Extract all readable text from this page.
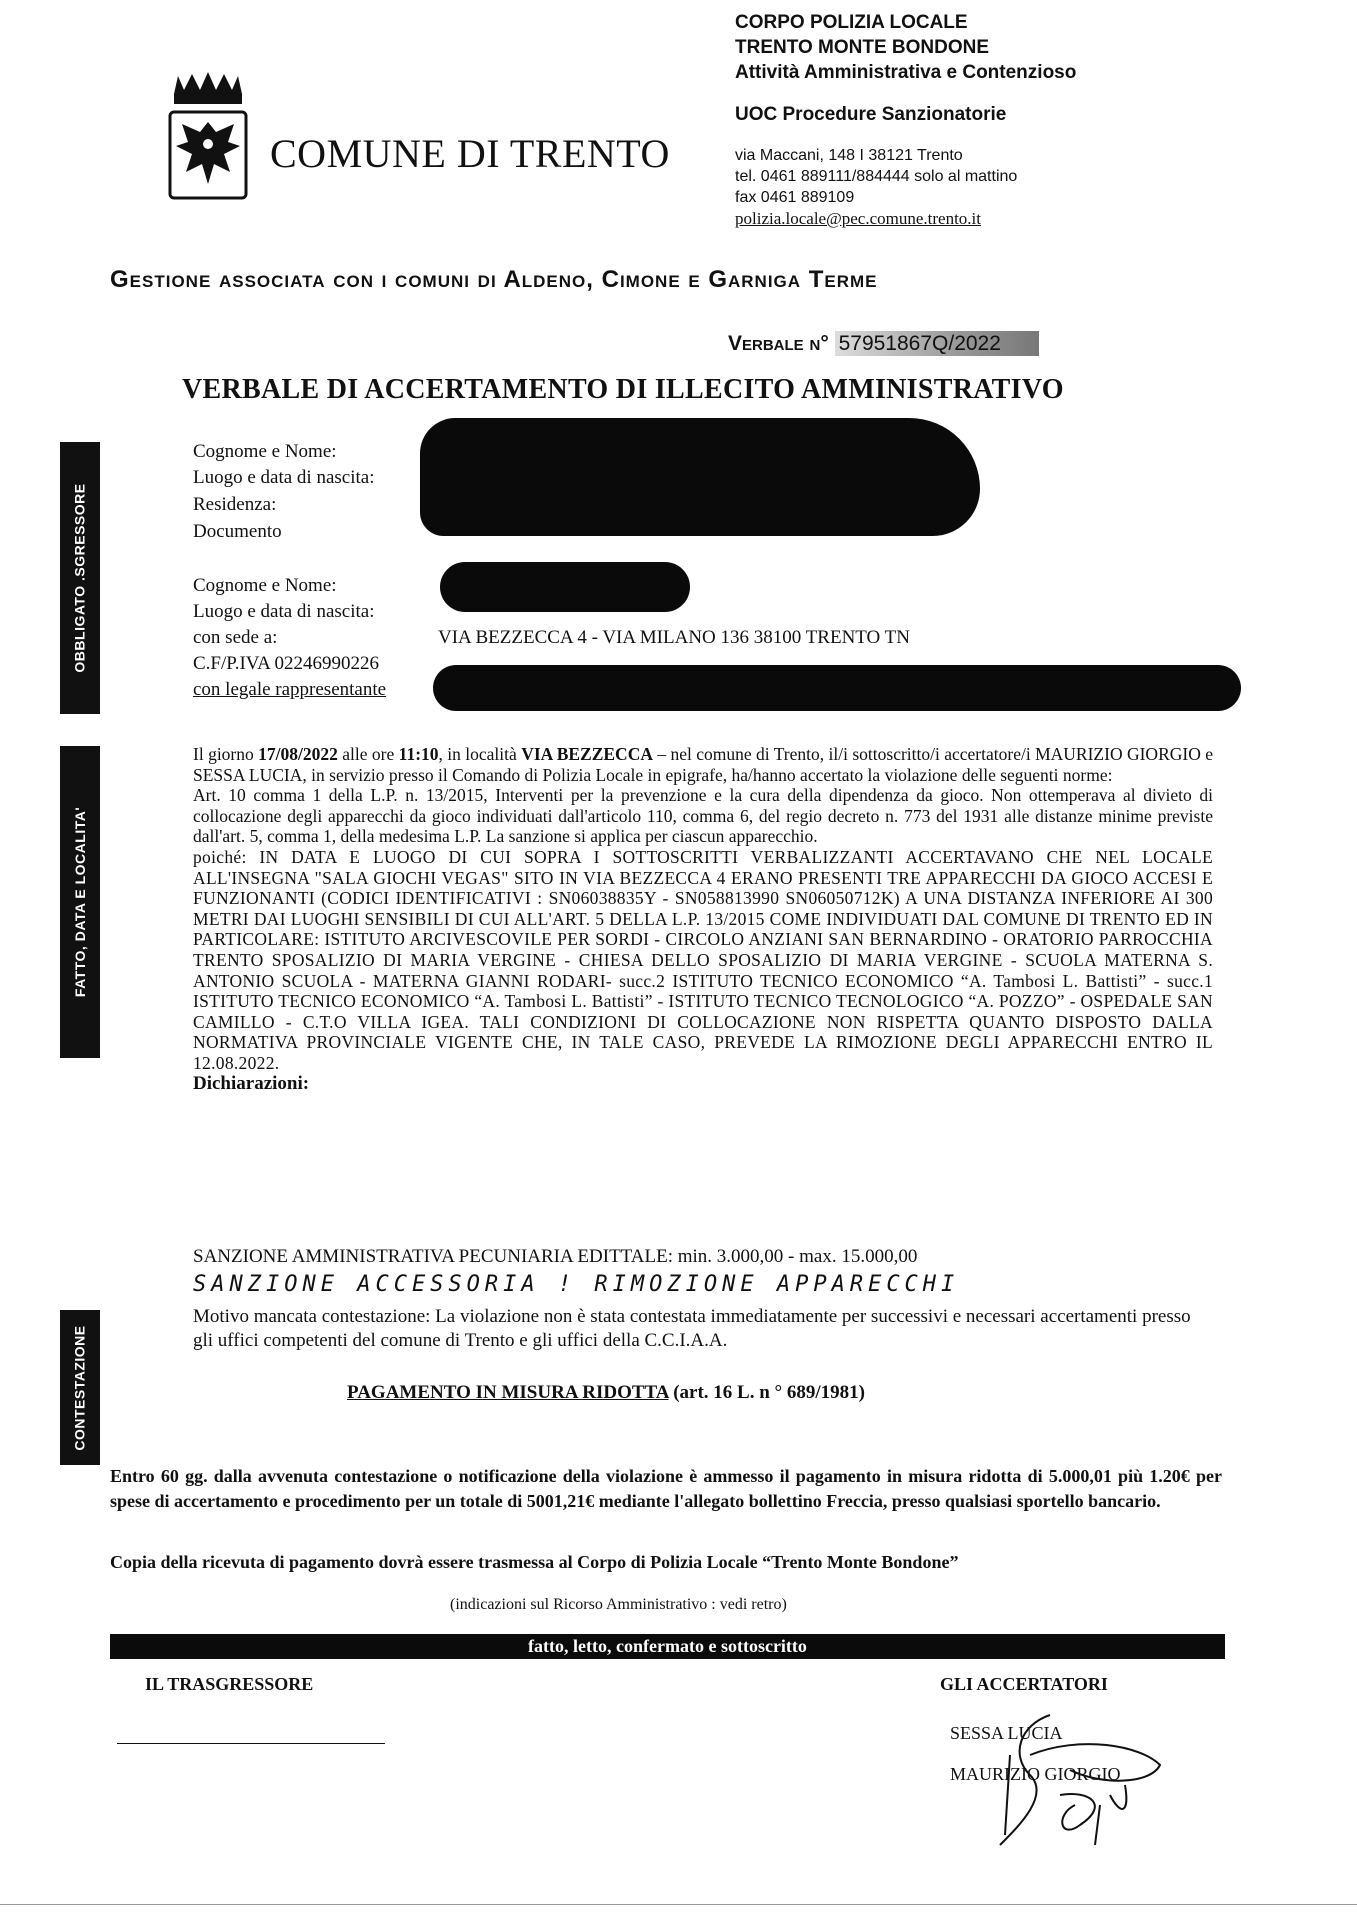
COMUNE DI TRENTO
CORPO POLIZIA LOCALE
TRENTO MONTE BONDONE
Attività Amministrativa e Contenzioso
UOC Procedure Sanzionatorie
via Maccani, 148 I 38121 Trento
tel. 0461 889111/884444 solo al mattino
fax 0461 889109
polizia.locale@pec.comune.trento.it
Gestione associata con i comuni di Aldeno, Cimone e Garniga Terme
Verbale n° 57951867Q/2022
VERBALE DI ACCERTAMENTO DI ILLECITO AMMINISTRATIVO
OBBLIGATO .SGRESSORE
FATTO, DATA E LOCALITA'
CONTESTAZIONE
Cognome e Nome:
Luogo e data di nascita:
Residenza:
Documento
Cognome e Nome:
Luogo e data di nascita:
con sede a:	VIA BEZZECCA 4 - VIA MILANO 136 38100 TRENTO TN
C.F/P.IVA 02246990226
con legale rappresentante

Il giorno 17/08/2022 alle ore 11:10, in località VIA BEZZECCA – nel comune di Trento, il/i sottoscritto/i accertatore/i MAURIZIO GIORGIO e SESSA LUCIA, in servizio presso il Comando di Polizia Locale in epigrafe, ha/hanno accertato la violazione delle seguenti norme:

Art. 10 comma 1 della L.P. n. 13/2015, Interventi per la prevenzione e la cura della dipendenza da gioco. Non ottemperava al divieto di collocazione degli apparecchi da gioco individuati dall'articolo 110, comma 6, del regio decreto n. 773 del 1931 alle distanze minime previste dall'art. 5, comma 1, della medesima L.P. La sanzione si applica per ciascun apparecchio.

poiché: IN DATA E LUOGO DI CUI SOPRA I SOTTOSCRITTI VERBALIZZANTI ACCERTAVANO CHE NEL LOCALE ALL'INSEGNA "SALA GIOCHI VEGAS" SITO IN VIA BEZZECCA 4 ERANO PRESENTI TRE APPARECCHI DA GIOCO ACCESI E FUNZIONANTI (CODICI IDENTIFICATIVI : SN06038835Y - SN058813990 SN06050712K) A UNA DISTANZA INFERIORE AI 300 METRI DAI LUOGHI SENSIBILI DI CUI ALL'ART. 5 DELLA L.P. 13/2015 COME INDIVIDUATI DAL COMUNE DI TRENTO ED IN PARTICOLARE: ISTITUTO ARCIVESCOVILE PER SORDI - CIRCOLO ANZIANI SAN BERNARDINO - ORATORIO PARROCCHIA TRENTO SPOSALIZIO DI MARIA VERGINE - CHIESA DELLO SPOSALIZIO DI MARIA VERGINE - SCUOLA MATERNA S. ANTONIO SCUOLA - MATERNA GIANNI RODARI- succ.2 ISTITUTO TECNICO ECONOMICO “A. Tambosi L. Battisti” - succ.1 ISTITUTO TECNICO ECONOMICO “A. Tambosi L. Battisti” - ISTITUTO TECNICO TECNOLOGICO “A. POZZO” - OSPEDALE SAN CAMILLO - C.T.O VILLA IGEA. TALI CONDIZIONI DI COLLOCAZIONE NON RISPETTA QUANTO DISPOSTO DALLA NORMATIVA PROVINCIALE VIGENTE CHE, IN TALE CASO, PREVEDE LA RIMOZIONE DEGLI APPARECCHI ENTRO IL 12.08.2022.

Dichiarazioni:

SANZIONE AMMINISTRATIVA PECUNIARIA EDITTALE: min. 3.000,00 - max. 15.000,00
SANZIONE ACCESSORIA ! RIMOZIONE APPARECCHI
Motivo mancata contestazione: La violazione non è stata contestata immediatamente per successivi e necessari accertamenti presso gli uffici competenti del comune di Trento e gli uffici della C.C.I.A.A.
PAGAMENTO IN MISURA RIDOTTA (art. 16 L. n ° 689/1981)
Entro 60 gg. dalla avvenuta contestazione o notificazione della violazione è ammesso il pagamento in misura ridotta di 5.000,01 più 1.20€ per spese di accertamento e procedimento per un totale di 5001,21€ mediante l'allegato bollettino Freccia, presso qualsiasi sportello bancario.
Copia della ricevuta di pagamento dovrà essere trasmessa al Corpo di Polizia Locale “Trento Monte Bondone”
(indicazioni sul Ricorso Amministrativo : vedi retro)
fatto, letto, confermato e sottoscritto
IL TRASGRESSORE	GLI ACCERTATORI
SESSA LUCIA
MAURIZIO GIORGIO
